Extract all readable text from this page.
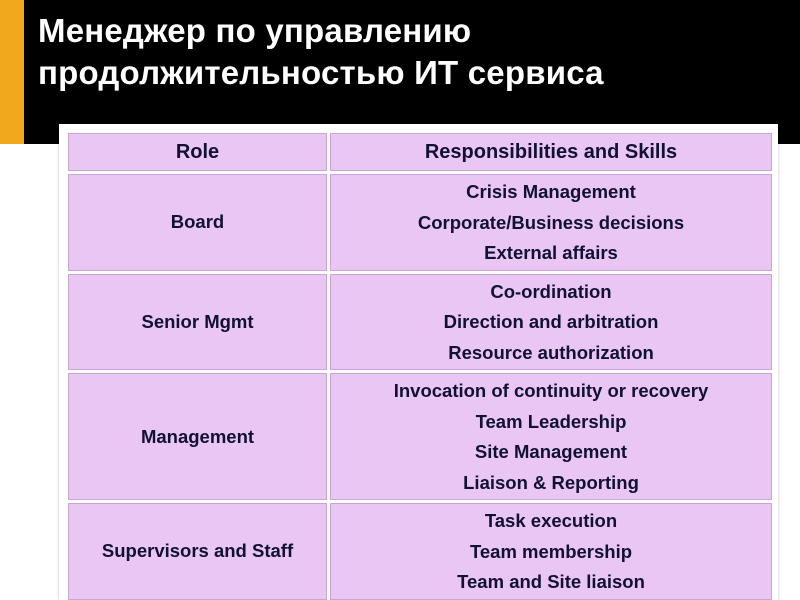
Менеджер по управлению
продолжительностью ИТ сервиса
Role	Responsibilities and Skills
Board	Crisis Management
Corporate/Business decisions
External affairs

Senior Mgmt	Co-ordination
Direction and arbitration
Resource authorization

Management	Invocation of continuity or recovery
Team Leadership
Site Management
Liaison & Reporting

Supervisors and Staff	Task execution
Team membership
Team and Site liaison
